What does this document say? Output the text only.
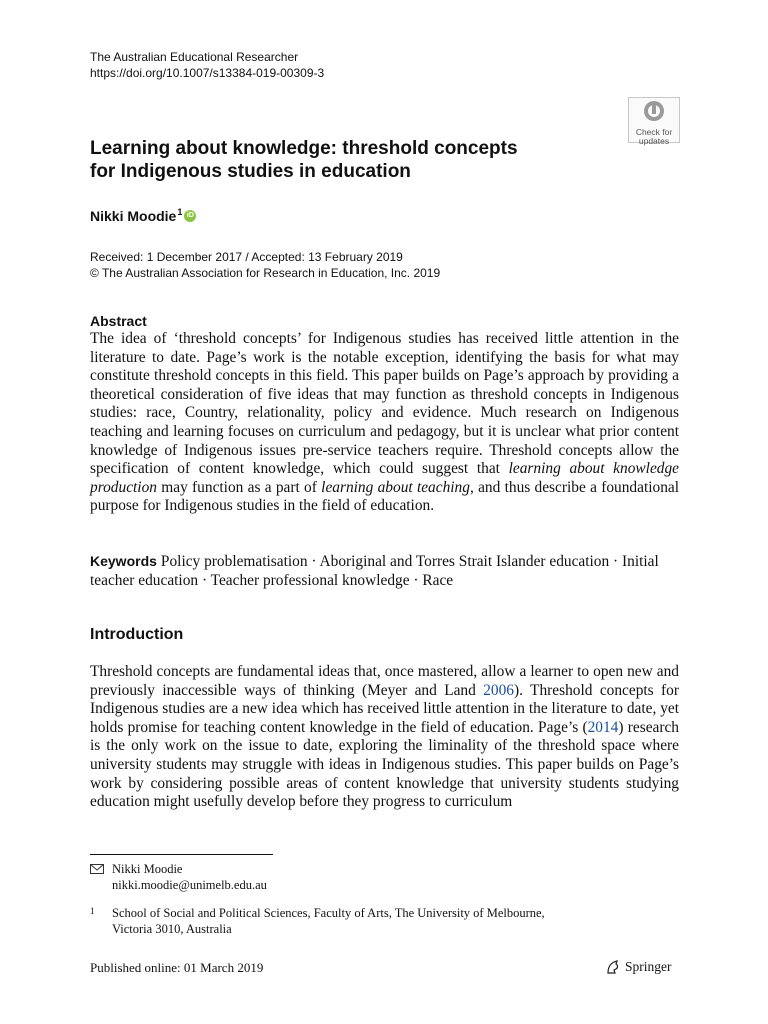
The Australian Educational Researcher
https://doi.org/10.1007/s13384-019-00309-3
Check for
updates
Learning about knowledge: threshold concepts
for Indigenous studies in education
Nikki Moodie$^1$ iD
Received: 1 December 2017 / Accepted: 13 February 2019
© The Australian Association for Research in Education, Inc. 2019
Abstract
The idea of ‘threshold concepts’ for Indigenous studies has received little attention in the literature to date. Page’s work is the notable exception, identifying the basis for what may constitute threshold concepts in this field. This paper builds on Page’s approach by providing a theoretical consideration of five ideas that may function as threshold concepts in Indigenous studies: race, Country, relationality, policy and evidence. Much research on Indigenous teaching and learning focuses on curriculum and pedagogy, but it is unclear what prior content knowledge of Indigenous issues pre-service teachers require. Threshold concepts allow the specification of content knowledge, which could suggest that learning about knowledge production may function as a part of learning about teaching, and thus describe a foundational purpose for Indigenous studies in the field of education.
Keywords Policy problematisation · Aboriginal and Torres Strait Islander education · Initial teacher education · Teacher professional knowledge · Race
Introduction
Threshold concepts are fundamental ideas that, once mastered, allow a learner to open new and previously inaccessible ways of thinking (Meyer and Land 2006). Threshold concepts for Indigenous studies are a new idea which has received little attention in the literature to date, yet holds promise for teaching content knowledge in the field of education. Page’s (2014) research is the only work on the issue to date, exploring the liminality of the threshold space where university students may struggle with ideas in Indigenous studies. This paper builds on Page’s work by considering possible areas of content knowledge that university students studying education might usefully develop before they progress to curriculum
Nikki Moodie
nikki.moodie@unimelb.edu.au
1 School of Social and Political Sciences, Faculty of Arts, The University of Melbourne,
Victoria 3010, Australia
Published online: 01 March 2019	Springer
